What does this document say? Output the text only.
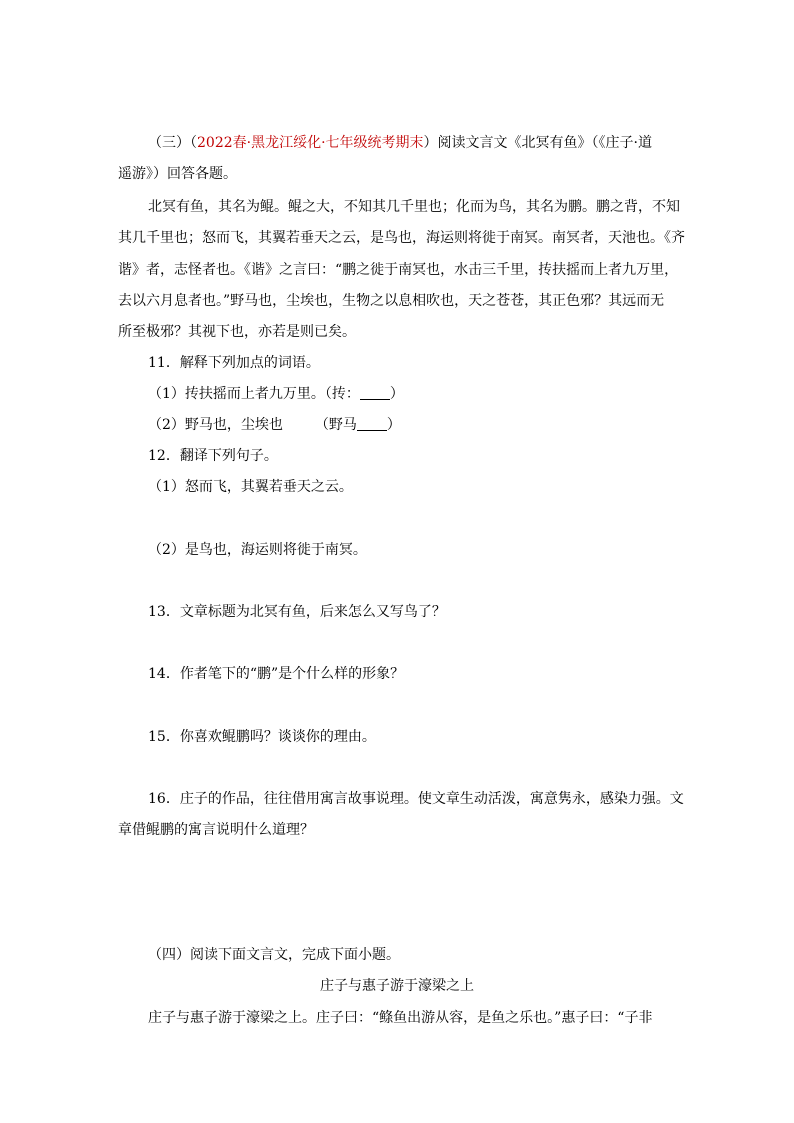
（三）（2022春·黑龙江绥化·七年级统考期末）阅读文言文《北冥有鱼》（《庄子·道
遥游》）回答各题。
北冥有鱼，其名为鲲。鲲之大，不知其几千里也；化而为鸟，其名为鹏。鹏之背，不知
其几千里也；怒而飞，其翼若垂天之云，是鸟也，海运则将徙于南冥。南冥者，天池也。《齐
谐》者，志怪者也。《谐》之言曰：“鹏之徙于南冥也，水击三千里，抟扶摇而上者九万里，
去以六月息者也。”野马也，尘埃也，生物之以息相吹也，天之苍苍，其正色邪？其远而无
所至极邪？其视下也，亦若是则已矣。
11．解释下列加点的词语。
（1）抟扶摇而上者九万里。（抟： ）
（2）野马也，尘埃也 （野马 ）
12．翻译下列句子。
（1）怒而飞，其翼若垂天之云。
（2）是鸟也，海运则将徙于南冥。
13．文章标题为北冥有鱼，后来怎么又写鸟了？
14．作者笔下的“鹏”是个什么样的形象？
15．你喜欢鲲鹏吗？谈谈你的理由。
16．庄子的作品，往往借用寓言故事说理。使文章生动活泼，寓意隽永，感染力强。文
章借鲲鹏的寓言说明什么道理？
（四）阅读下面文言文，完成下面小题。
庄子与惠子游于濠梁之上
庄子与惠子游于濠梁之上。庄子曰：“鲦鱼出游从容，是鱼之乐也。”惠子曰：“子非
